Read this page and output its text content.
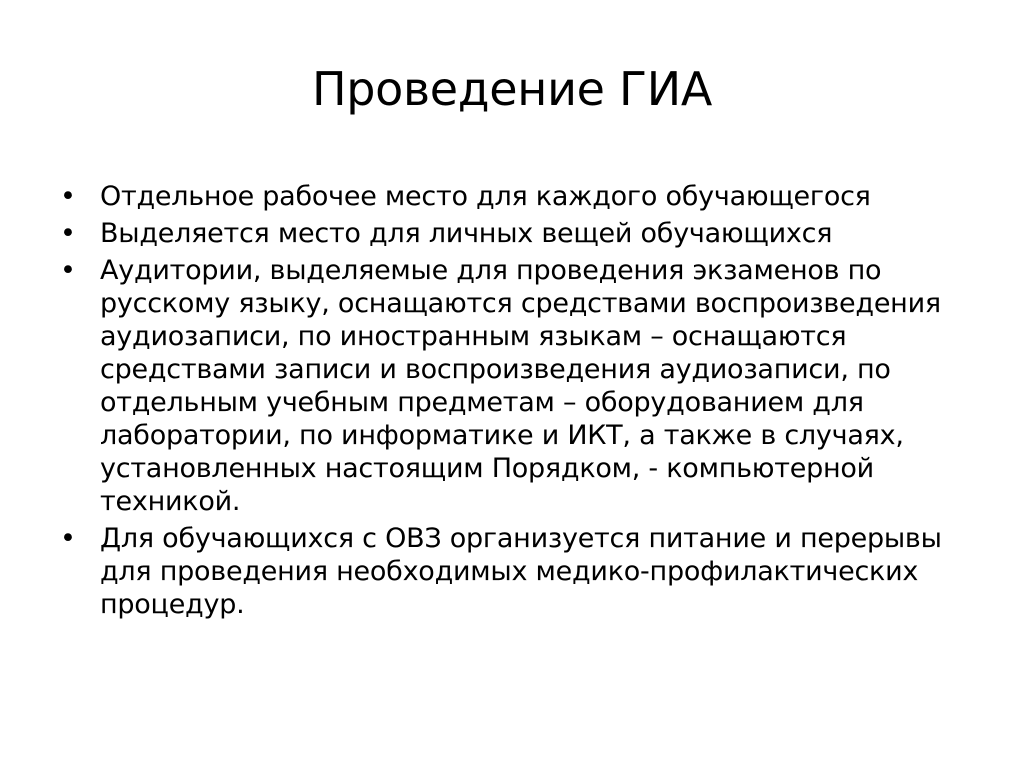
Проведение ГИА
• Отдельное рабочее место для каждого обучающегося
• Выделяется место для личных вещей обучающихся
• Аудитории, выделяемые для проведения экзаменов по русскому языку, оснащаются средствами воспроизведения аудиозаписи, по иностранным языкам – оснащаются средствами записи и воспроизведения аудиозаписи, по отдельным учебным предметам – оборудованием для лаборатории, по информатике и ИКТ, а также в случаях, установленных настоящим Порядком, - компьютерной техникой.
• Для обучающихся с ОВЗ организуется питание и перерывы для проведения необходимых медико-профилактических процедур.
